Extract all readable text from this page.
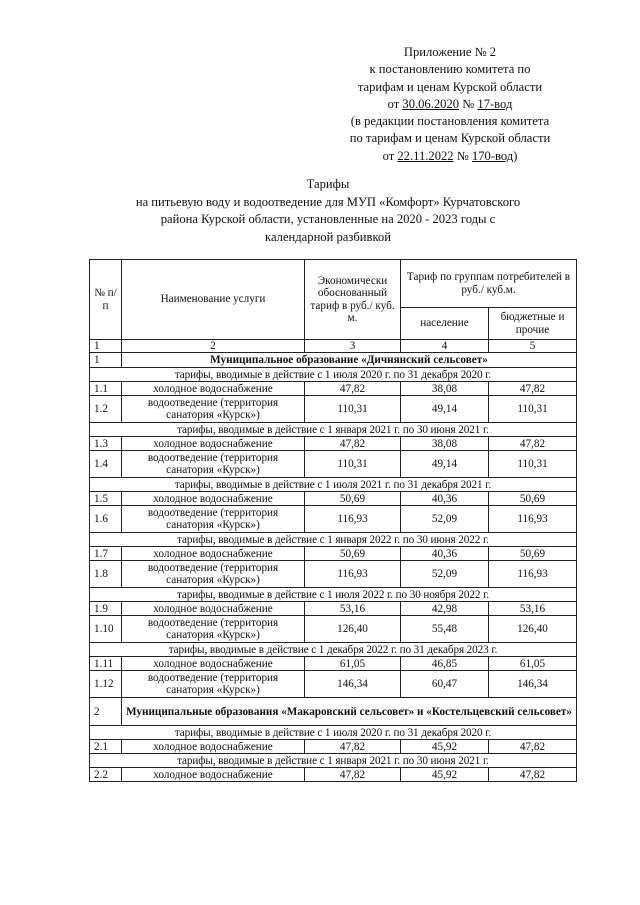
Приложение № 2
к постановлению комитета по
тарифам и ценам Курской области
от 30.06.2020 № 17-вод
(в редакции постановления комитета
по тарифам и ценам Курской области
от 22.11.2022 № 170-вод)
Тарифы
на питьевую воду и водоотведение для МУП «Комфорт» Курчатовского
района Курской области, установленные на 2020 - 2023 годы с
календарной разбивкой
№ п/п	Наименование услуги	Экономически обоснованный тариф в руб./ куб. м.	Тариф по группам потребителей в руб./ куб.м.	
			население	бюджетные и прочие
1	2	3	4	5
1	Муниципальное образование «Дичнянский сельсовет»			
тарифы, вводимые в действие с 1 июля 2020 г. по 31 декабря 2020 г.				
1.1	холодное водоснабжение	47,82	38,08	47,82
1.2	водоотведение (территория санатория «Курск»)	110,31	49,14	110,31
тарифы, вводимые в действие с 1 января 2021 г. по 30 июня 2021 г.				
1.3	холодное водоснабжение	47,82	38,08	47,82
1.4	водоотведение (территория санатория «Курск»)	110,31	49,14	110,31
тарифы, вводимые в действие с 1 июля 2021 г. по 31 декабря 2021 г.				
1.5	холодное водоснабжение	50,69	40,36	50,69
1.6	водоотведение (территория санатория «Курск»)	116,93	52,09	116,93
тарифы, вводимые в действие с 1 января 2022 г. по 30 июня 2022 г.				
1.7	холодное водоснабжение	50,69	40,36	50,69
1.8	водоотведение (территория санатория «Курск»)	116,93	52,09	116,93
тарифы, вводимые в действие с 1 июля 2022 г. по 30 ноября 2022 г.				
1.9	холодное водоснабжение	53,16	42,98	53,16
1.10	водоотведение (территория санатория «Курск»)	126,40	55,48	126,40
тарифы, вводимые в действие с 1 декабря 2022 г. по 31 декабря 2023 г.				
1.11	холодное водоснабжение	61,05	46,85	61,05
1.12	водоотведение (территория санатория «Курск»)	146,34	60,47	146,34
2	Муниципальные образования «Макаровский сельсовет» и «Костельцевский сельсовет»			
тарифы, вводимые в действие с 1 июля 2020 г. по 31 декабря 2020 г.				
2.1	холодное водоснабжение	47,82	45,92	47,82
тарифы, вводимые в действие с 1 января 2021 г. по 30 июня 2021 г.				
2.2	холодное водоснабжение	47,82	45,92	47,82
